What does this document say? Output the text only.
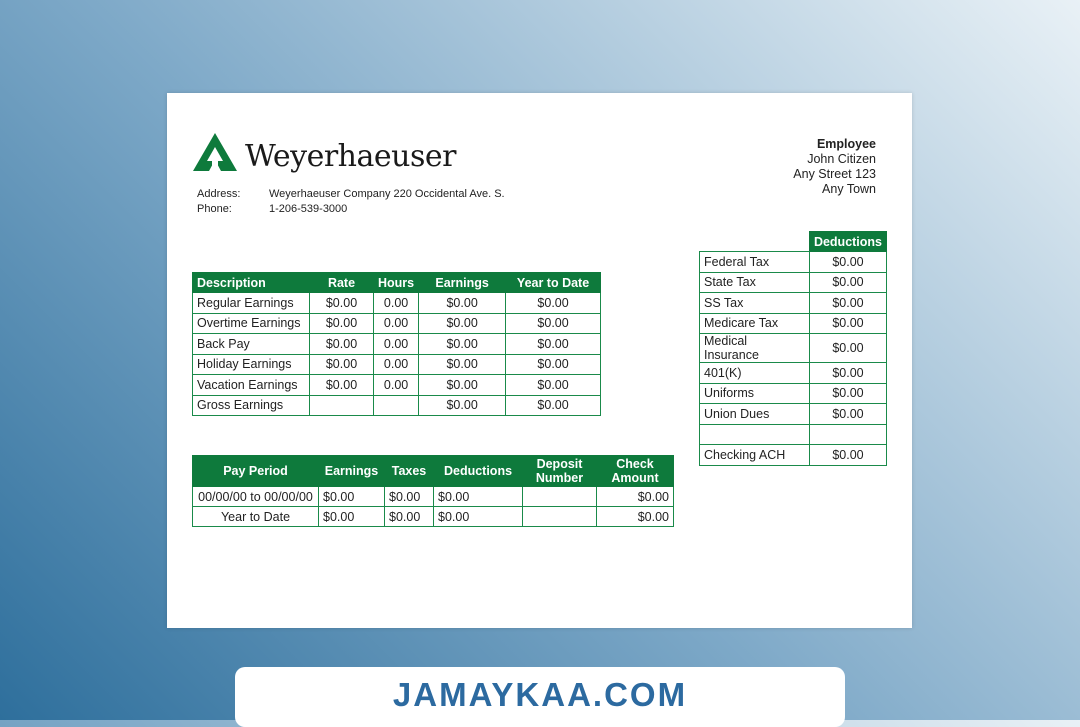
Weyerhaeuser
Address:	Weyerhaeuser Company 220 Occidental Ave. S.
Phone:	1-206-539-3000
Employee
John Citizen
Any Street 123
Any Town
Description	Rate	Hours	Earnings	Year to Date
Regular Earnings	$0.00	0.00	$0.00	$0.00
Overtime Earnings	$0.00	0.00	$0.00	$0.00
Back Pay	$0.00	0.00	$0.00	$0.00
Holiday Earnings	$0.00	0.00	$0.00	$0.00
Vacation Earnings	$0.00	0.00	$0.00	$0.00
Gross Earnings			$0.00	$0.00
Pay Period	Earnings	Taxes	Deductions	Deposit Number	Check Amount
00/00/00 to 00/00/00	$0.00	$0.00	$0.00		$0.00
Year to Date	$0.00	$0.00	$0.00		$0.00
	Deductions
Federal Tax	$0.00
State Tax	$0.00
SS Tax	$0.00
Medicare Tax	$0.00
Medical Insurance	$0.00
401(K)	$0.00
Uniforms	$0.00
Union Dues	$0.00

Checking ACH	$0.00
JAMAYKAA.COM
